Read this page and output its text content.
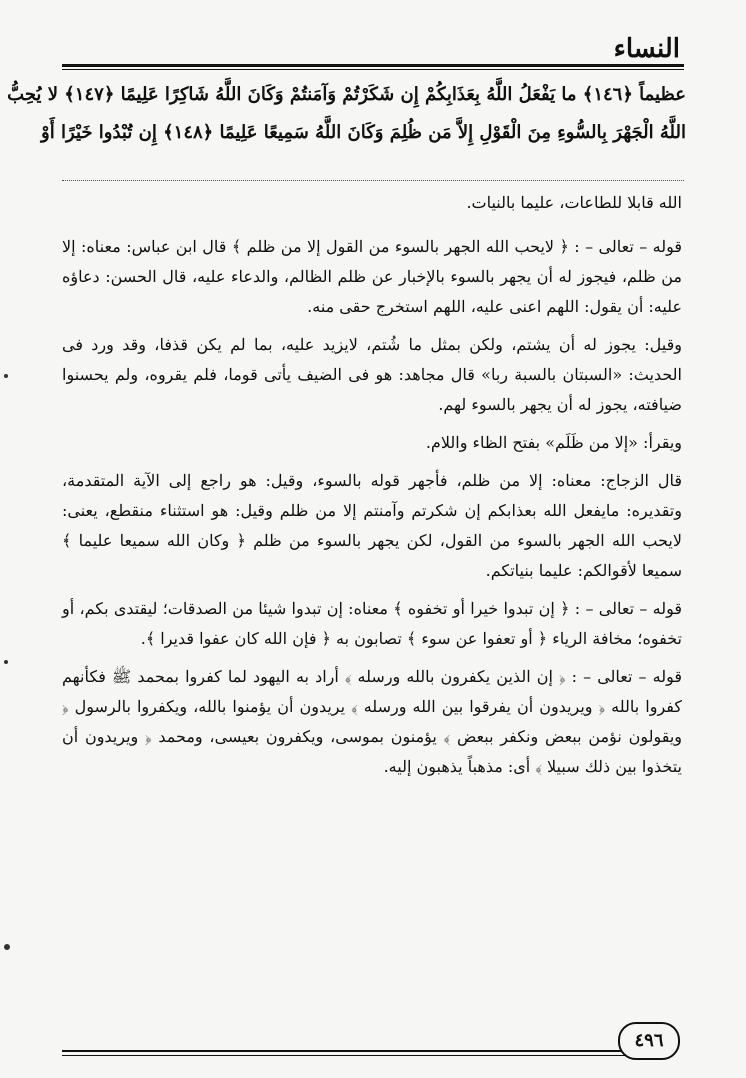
النساء
عظيماً ﴿١٤٦﴾ ما يَفْعَلُ اللَّهُ بِعَذَابِكُمْ إِن شَكَرْتُمْ وَآمَنتُمْ وَكَانَ اللَّهُ شَاكِرًا عَلِيمًا ﴿١٤٧﴾ لا يُحِبُّ
اللَّهُ الْجَهْرَ بِالسُّوءِ مِنَ الْقَوْلِ إِلاَّ مَن ظُلِمَ وَكَانَ اللَّهُ سَمِيعًا عَلِيمًا ﴿١٤٨﴾ إِن تُبْدُوا خَيْرًا أَوْ

الله قابلا للطاعات، عليما بالنيات.

قوله – تعالى – : ﴿ لايحب الله الجهر بالسوء من القول إلا من ظلم ﴾ قال ابن عباس: معناه: إلا من ظلم، فيجوز له أن يجهر بالسوء بالإخبار عن ظلم الظالم، والدعاء عليه، قال الحسن: دعاؤه عليه: أن يقول: اللهم اعنى عليه، اللهم استخرج حقى منه.

وقيل: يجوز له أن يشتم، ولكن بمثل ما شُتم، لايزيد عليه، بما لم يكن قذفا، وقد ورد فى الحديث: «السبتان بالسبة ربا» قال مجاهد: هو فى الضيف يأتى قوما، فلم يقروه، ولم يحسنوا ضيافته، يجوز له أن يجهر بالسوء لهم.

ويقرأ: «إلا من ظَلَم» بفتح الظاء واللام.

قال الزجاج: معناه: إلا من ظلم، فأجهر قوله بالسوء، وقيل: هو راجع إلى الآية المتقدمة، وتقديره: مايفعل الله بعذابكم إن شكرتم وآمنتم إلا من ظلم وقيل: هو استثناء منقطع، يعنى: لايحب الله الجهر بالسوء من القول، لكن يجهر بالسوء من ظلم ﴿ وكان الله سميعا عليما ﴾ سميعا لأقوالكم: عليما بنياتكم.

قوله – تعالى – : ﴿ إن تبدوا خيرا أو تخفوه ﴾ معناه: إن تبدوا شيئا من الصدقات؛ ليقتدى بكم، أو تخفوه؛ مخافة الرياء ﴿ أو تعفوا عن سوء ﴾ تصابون به ﴿ فإن الله كان عفوا قديرا ﴾.

قوله – تعالى – : ﴿ إن الذين يكفرون بالله ورسله ﴾ أراد به اليهود لما كفروا بمحمد ﷺ فكأنهم كفروا بالله ﴿ ويريدون أن يفرقوا بين الله ورسله ﴾ يريدون أن يؤمنوا بالله، ويكفروا بالرسول ﴿ ويقولون نؤمن ببعض ونكفر ببعض ﴾ يؤمنون بموسى، ويكفرون بعيسى، ومحمد ﴿ ويريدون أن يتخذوا بين ذلك سبيلا ﴾ أى: مذهباً يذهبون إليه.

٤٩٦
